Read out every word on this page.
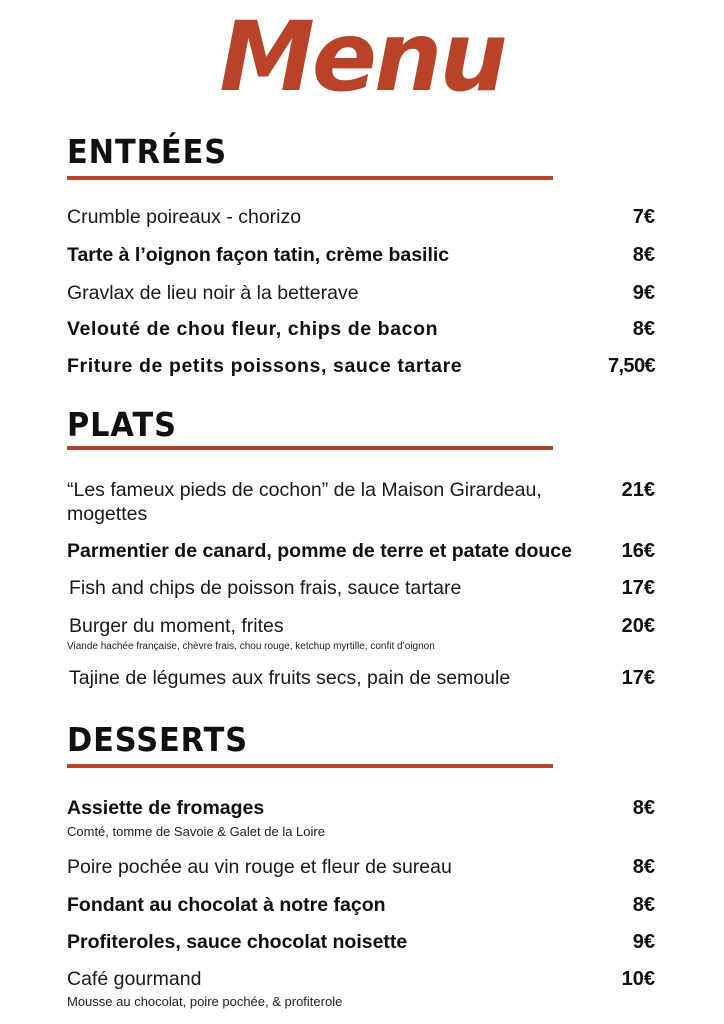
Menu
ENTRÉES
Crumble poireaux - chorizo	7€
Tarte à l’oignon façon tatin, crème basilic	8€
Gravlax de lieu noir à la betterave	9€
Velouté de chou fleur, chips de bacon	8€
Friture de petits poissons, sauce tartare	7,50€
PLATS
“Les fameux pieds de cochon” de la Maison Girardeau, mogettes
21€
Parmentier de canard, pomme de terre et patate douce 16€
Fish and chips de poisson frais, sauce tartare	17€
Burger du moment, frites	20€
Viande hachée française, chèvre frais, chou rouge, ketchup myrtille, confit d’oignon
Tajine de légumes aux fruits secs, pain de semoule	17€
DESSERTS
Assiette de fromages	8€
Comté, tomme de Savoie & Galet de la Loire
Poire pochée au vin rouge et fleur de sureau	8€
Fondant au chocolat à notre façon	8€
Profiteroles, sauce chocolat noisette	9€
Café gourmand	10€
Mousse au chocolat, poire pochée, & profiterole
